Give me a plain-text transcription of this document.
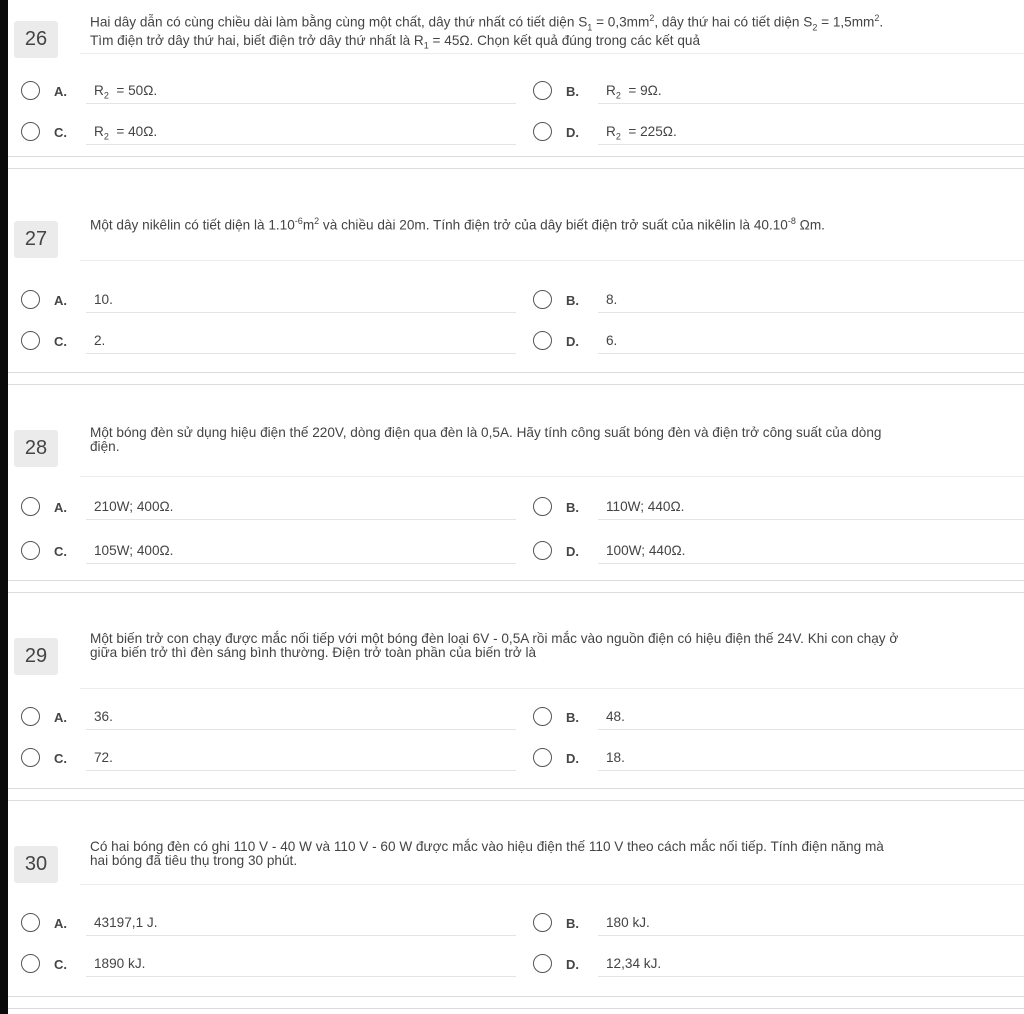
26
Hai dây dẫn có cùng chiều dài làm bằng cùng một chất, dây thứ nhất có tiết diện $S_1 = 0,3mm^2$, dây thứ hai có tiết diện $S_2 = 1,5mm^2$.
Tìm điện trở dây thứ hai, biết điện trở dây thứ nhất là $R_1 = 45\Omega$. Chọn kết quả đúng trong các kết quả
A. $R_2 = 50\Omega$.	B. $R_2 = 9\Omega$.
C. $R_2 = 40\Omega$.	D. $R_2 = 225\Omega$.
27
Một dây nikêlin có tiết diện là $1.10^{-6}m^2$ và chiều dài 20m. Tính điện trở của dây biết điện trở suất của nikêlin là $40.10^{-8}$ Ωm.
A. 10.	B. 8.
C. 2.	D. 6.
28
Một bóng đèn sử dụng hiệu điện thế 220V, dòng điện qua đèn là 0,5A. Hãy tính công suất bóng đèn và điện trở công suất của dòng
điện.
A. 210W; 400Ω.	B. 110W; 440Ω.
C. 105W; 400Ω.	D. 100W; 440Ω.
29
Một biến trở con chạy được mắc nối tiếp với một bóng đèn loại 6V - 0,5A rồi mắc vào nguồn điện có hiệu điện thế 24V. Khi con chạy ở
giữa biến trở thì đèn sáng bình thường. Điện trở toàn phần của biến trở là
A. 36.	B. 48.
C. 72.	D. 18.
30
Có hai bóng đèn có ghi 110 V - 40 W và 110 V - 60 W được mắc vào hiệu điện thế 110 V theo cách mắc nối tiếp. Tính điện năng mà
hai bóng đã tiêu thụ trong 30 phút.
A. 43197,1 J.	B. 180 kJ.
C. 1890 kJ.	D. 12,34 kJ.
